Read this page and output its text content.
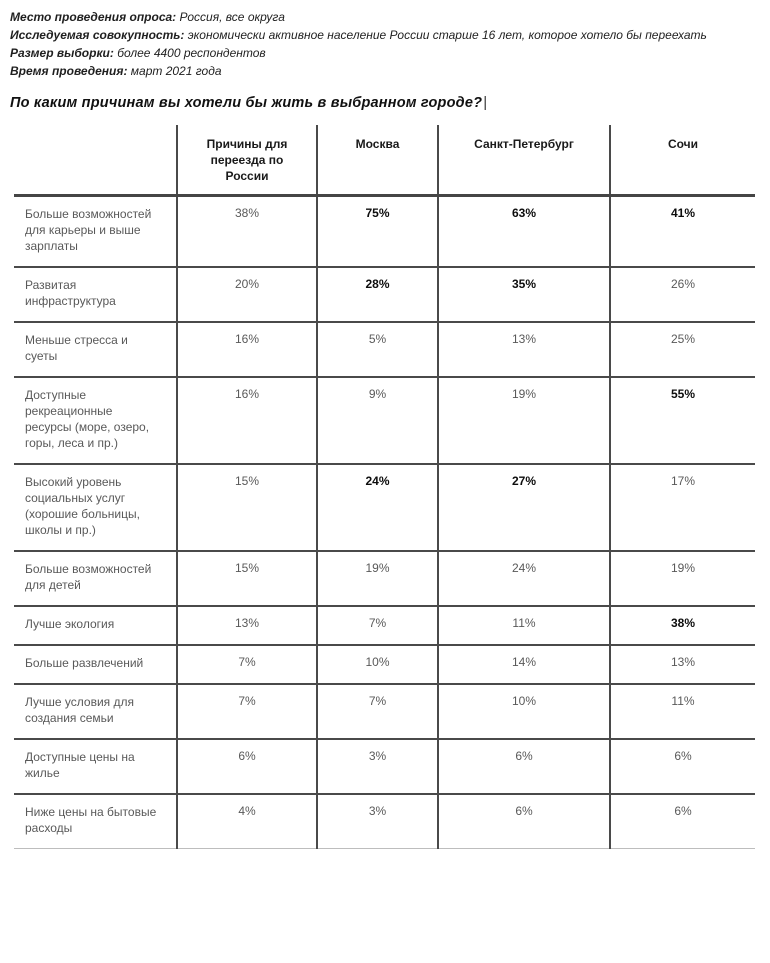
Место проведения опроса: Россия, все округа

Исследуемая совокупность: экономически активное население России старше 16 лет, которое хотело бы переехать

Размер выборки: более 4400 респондентов

Время проведения: март 2021 года

По каким причинам вы хотели бы жить в выбранном городе?|
	Причины для переезда по России	Москва	Санкт-Петербург	Сочи
Больше возможностей для карьеры и выше зарплаты	38%	75%	63%	41%
Развитая инфраструктура	20%	28%	35%	26%
Меньше стресса и суеты	16%	5%	13%	25%
Доступные рекреационные ресурсы (море, озеро, горы, леса и пр.)	16%	9%	19%	55%
Высокий уровень социальных услуг (хорошие больницы, школы и пр.)	15%	24%	27%	17%
Больше возможностей для детей	15%	19%	24%	19%
Лучше экология	13%	7%	11%	38%
Больше развлечений	7%	10%	14%	13%
Лучше условия для создания семьи	7%	7%	10%	11%
Доступные цены на жилье	6%	3%	6%	6%
Ниже цены на бытовые расходы	4%	3%	6%	6%
